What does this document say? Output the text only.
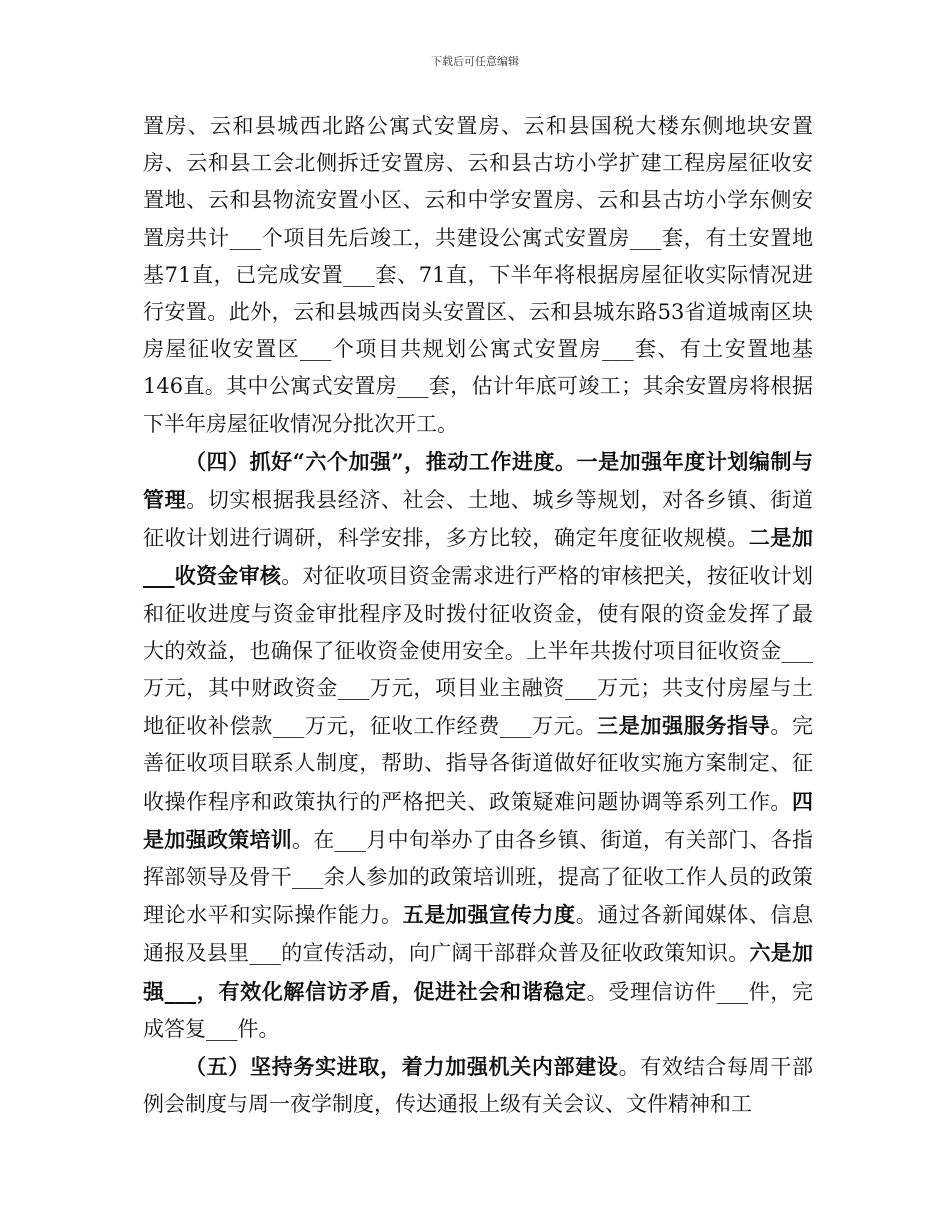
下载后可任意编辑

置房、云和县城西北路公寓式安置房、云和县国税大楼东侧地块安置房、云和县工会北侧拆迁安置房、云和县古坊小学扩建工程房屋征收安置地、云和县物流安置小区、云和中学安置房、云和县古坊小学东侧安置房共计___个项目先后竣工，共建设公寓式安置房___套，有土安置地基71直，已完成安置___套、71直，下半年将根据房屋征收实际情况进行安置。此外，云和县城西岗头安置区、云和县城东路53省道城南区块房屋征收安置区___个项目共规划公寓式安置房___套、有土安置地基146直。其中公寓式安置房___套，估计年底可竣工；其余安置房将根据下半年房屋征收情况分批次开工。

（四）抓好“六个加强”，推动工作进度。一是加强年度计划编制与管理。切实根据我县经济、社会、土地、城乡等规划，对各乡镇、街道征收计划进行调研，科学安排，多方比较，确定年度征收规模。二是加___收资金审核。对征收项目资金需求进行严格的审核把关，按征收计划和征收进度与资金审批程序及时拨付征收资金，使有限的资金发挥了最大的效益，也确保了征收资金使用安全。上半年共拨付项目征收资金___万元，其中财政资金___万元，项目业主融资___万元；共支付房屋与土地征收补偿款___万元，征收工作经费___万元。三是加强服务指导。完善征收项目联系人制度，帮助、指导各街道做好征收实施方案制定、征收操作程序和政策执行的严格把关、政策疑难问题协调等系列工作。四是加强政策培训。在___月中旬举办了由各乡镇、街道，有关部门、各指挥部领导及骨干___余人参加的政策培训班，提高了征收工作人员的政策理论水平和实际操作能力。五是加强宣传力度。通过各新闻媒体、信息通报及县里___的宣传活动，向广阔干部群众普及征收政策知识。六是加强___，有效化解信访矛盾，促进社会和谐稳定。受理信访件___件，完成答复___件。

（五）坚持务实进取，着力加强机关内部建设。有效结合每周干部例会制度与周一夜学制度，传达通报上级有关会议、文件精神和工
